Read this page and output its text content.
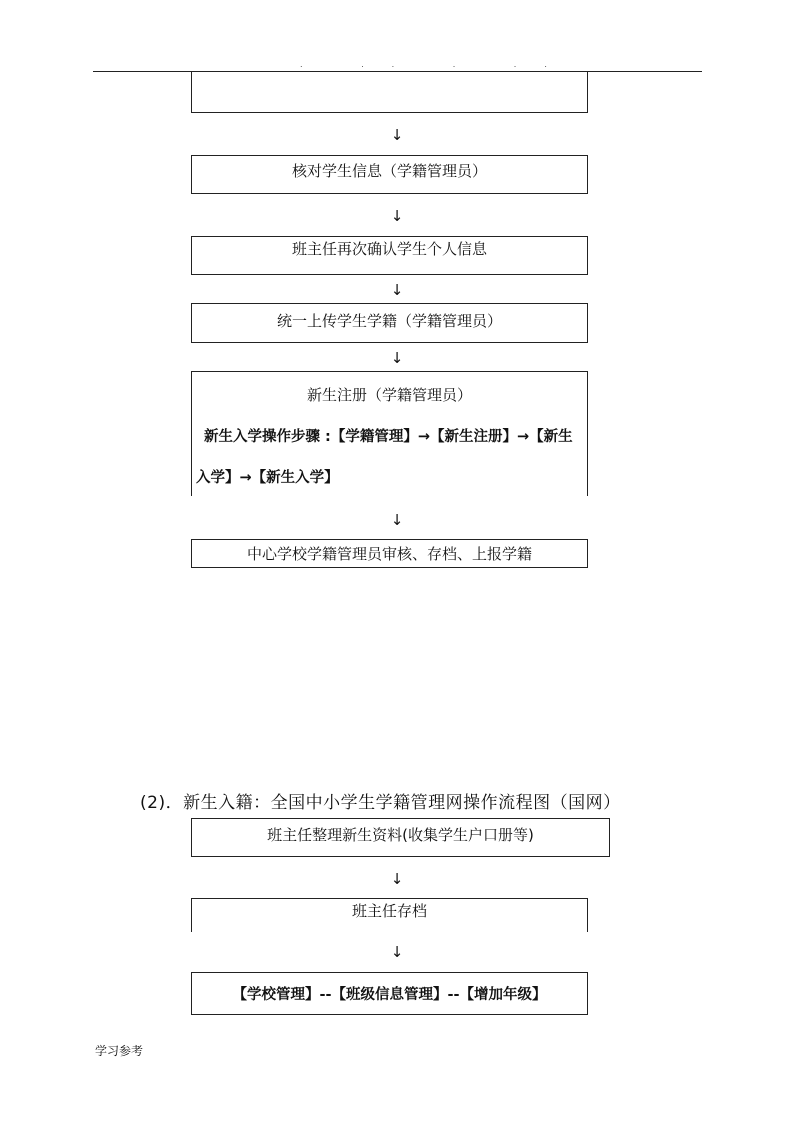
. .. . ..
↓
核对学生信息（学籍管理员）
↓
班主任再次确认学生个人信息
↓
统一上传学生学籍（学籍管理员）
↓
新生注册（学籍管理员）
新生入学操作步骤 :【学籍管理】→【新生注册】→【新生
入学】→【新生入学】
↓
中心学校学籍管理员审核、存档、上报学籍
(2)．新生入籍：全国中小学生学籍管理网操作流程图（国网）
班主任整理新生资料(收集学生户口册等)
↓
班主任存档
↓
【学校管理】--【班级信息管理】--【增加年级】
学习参考
